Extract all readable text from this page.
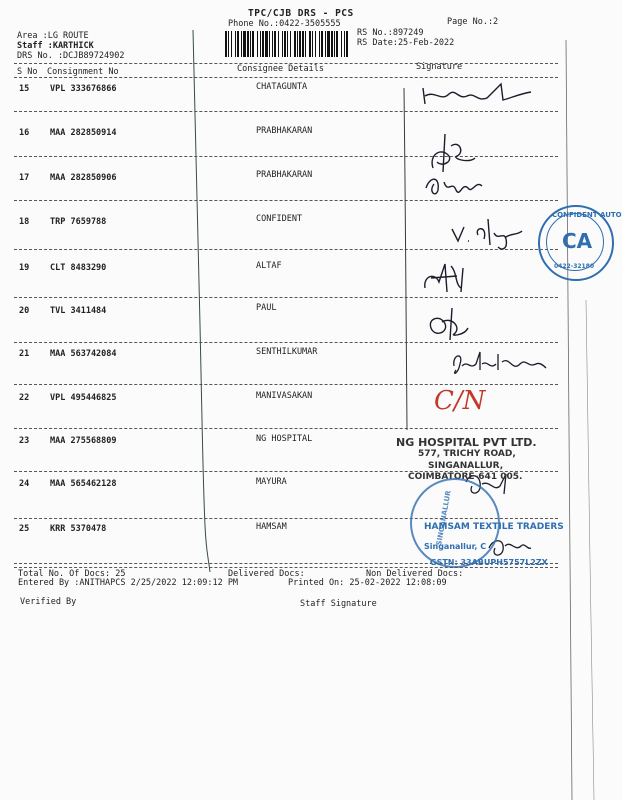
TPC/CJB DRS - PCS
Phone No.:0422-3505555	Page No.:2
Area :LG ROUTE
Staff :KARTHICK
DRS No. :DCJB89724902
RS No.:897249
RS Date:25-Feb-2022
S No Consignment No	Consignee Details	Signature
15 VPL 333676866	CHATAGUNTA
16 MAA 282850914	PRABHAKARAN
17 MAA 282850906	PRABHAKARAN
18 TRP 7659788	CONFIDENT
19 CLT 8483290	ALTAF
20 TVL 3411484	PAUL
21 MAA 563742084	SENTHILKUMAR
22 VPL 495446825	MANIVASAKAN
23 MAA 275568809	NG HOSPITAL
24 MAA 565462128	MAYURA
25 KRR 5370478	HAMSAM
C/N
CA
CONFIDENT AUTO
0422-32180
NG HOSPITAL PVT LTD.
577, TRICHY ROAD,
SINGANALLUR,
COIMBATORE-641 005.
SINGANALLUR
HAMSAM TEXTILE TRADERS
Singanallur, C
GSTN: 33ABUPH5757L2ZX
Total No. Of Docs: 25	Delivered Docs:	Non Delivered Docs:
Entered By :ANITHAPCS 2/25/2022 12:09:12 PM	Printed On: 25-02-2022 12:08:09
Verified By	Staff Signature
